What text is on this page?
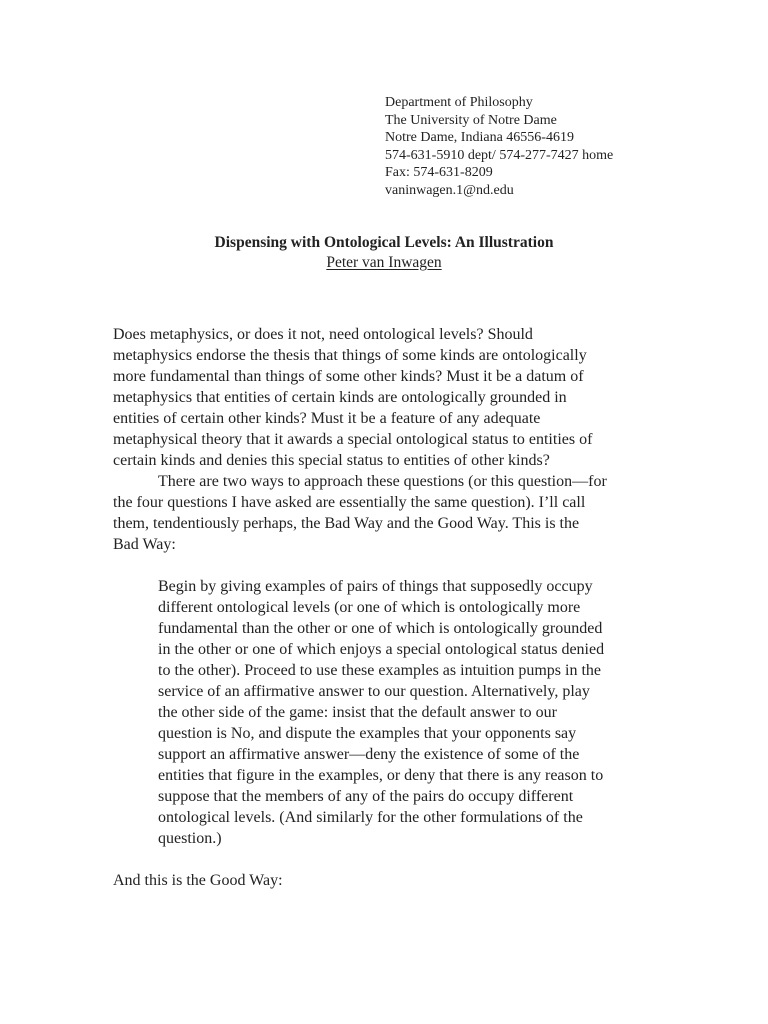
Department of Philosophy
The University of Notre Dame
Notre Dame, Indiana 46556-4619
574-631-5910 dept/ 574-277-7427 home
Fax: 574-631-8209
vaninwagen.1@nd.edu
Dispensing with Ontological Levels: An Illustration
Peter van Inwagen
Does metaphysics, or does it not, need ontological levels? Should
metaphysics endorse the thesis that things of some kinds are ontologically
more fundamental than things of some other kinds? Must it be a datum of
metaphysics that entities of certain kinds are ontologically grounded in
entities of certain other kinds? Must it be a feature of any adequate
metaphysical theory that it awards a special ontological status to entities of
certain kinds and denies this special status to entities of other kinds?
There are two ways to approach these questions (or this question—for
the four questions I have asked are essentially the same question). I’ll call
them, tendentiously perhaps, the Bad Way and the Good Way. This is the
Bad Way:
Begin by giving examples of pairs of things that supposedly occupy
different ontological levels (or one of which is ontologically more
fundamental than the other or one of which is ontologically grounded
in the other or one of which enjoys a special ontological status denied
to the other). Proceed to use these examples as intuition pumps in the
service of an affirmative answer to our question. Alternatively, play
the other side of the game: insist that the default answer to our
question is No, and dispute the examples that your opponents say
support an affirmative answer—deny the existence of some of the
entities that figure in the examples, or deny that there is any reason to
suppose that the members of any of the pairs do occupy different
ontological levels. (And similarly for the other formulations of the
question.)
And this is the Good Way:
